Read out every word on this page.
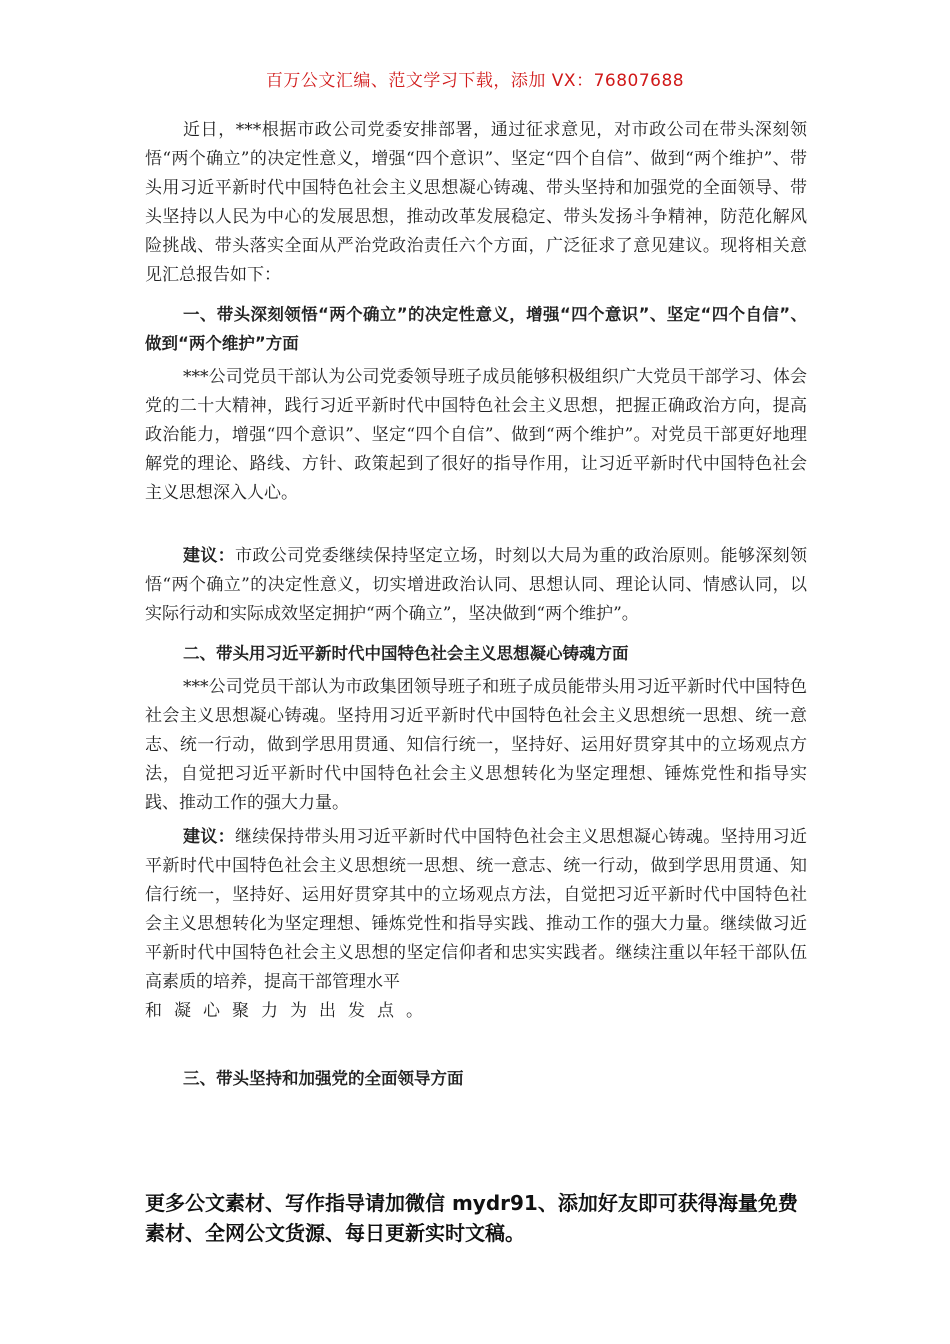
百万公文汇编、范文学习下载，添加 VX：76807688

近日，***根据市政公司党委安排部署，通过征求意见，对市政公司在带头深刻领悟“两个确立”的决定性意义，增强“四个意识”、坚定“四个自信”、做到“两个维护”、带头用习近平新时代中国特色社会主义思想凝心铸魂、带头坚持和加强党的全面领导、带头坚持以人民为中心的发展思想，推动改革发展稳定、带头发扬斗争精神，防范化解风险挑战、带头落实全面从严治党政治责任六个方面，广泛征求了意见建议。现将相关意见汇总报告如下：

一、带头深刻领悟“两个确立”的决定性意义，增强“四个意识”、坚定“四个自信”、做到“两个维护”方面

***公司党员干部认为公司党委领导班子成员能够积极组织广大党员干部学习、体会党的二十大精神，践行习近平新时代中国特色社会主义思想，把握正确政治方向，提高政治能力，增强“四个意识”、坚定“四个自信”、做到“两个维护”。对党员干部更好地理解党的理论、路线、方针、政策起到了很好的指导作用，让习近平新时代中国特色社会主义思想深入人心。

建议：市政公司党委继续保持坚定立场，时刻以大局为重的政治原则。能够深刻领悟“两个确立”的决定性意义，切实增进政治认同、思想认同、理论认同、情感认同，以实际行动和实际成效坚定拥护“两个确立”，坚决做到“两个维护”。

二、带头用习近平新时代中国特色社会主义思想凝心铸魂方面

***公司党员干部认为市政集团领导班子和班子成员能带头用习近平新时代中国特色社会主义思想凝心铸魂。坚持用习近平新时代中国特色社会主义思想统一思想、统一意志、统一行动，做到学思用贯通、知信行统一，坚持好、运用好贯穿其中的立场观点方法，自觉把习近平新时代中国特色社会主义思想转化为坚定理想、锤炼党性和指导实践、推动工作的强大力量。

建议：继续保持带头用习近平新时代中国特色社会主义思想凝心铸魂。坚持用习近平新时代中国特色社会主义思想统一思想、统一意志、统一行动，做到学思用贯通、知信行统一，坚持好、运用好贯穿其中的立场观点方法，自觉把习近平新时代中国特色社会主义思想转化为坚定理想、锤炼党性和指导实践、推动工作的强大力量。继续做习近平新时代中国特色社会主义思想的坚定信仰者和忠实实践者。继续注重以年轻干部队伍高素质的培养，提高干部管理水平

和凝心聚力为出发点。

三、带头坚持和加强党的全面领导方面

更多公文素材、写作指导请加微信 mydr91、添加好友即可获得海量免费素材、全网公文货源、每日更新实时文稿。
